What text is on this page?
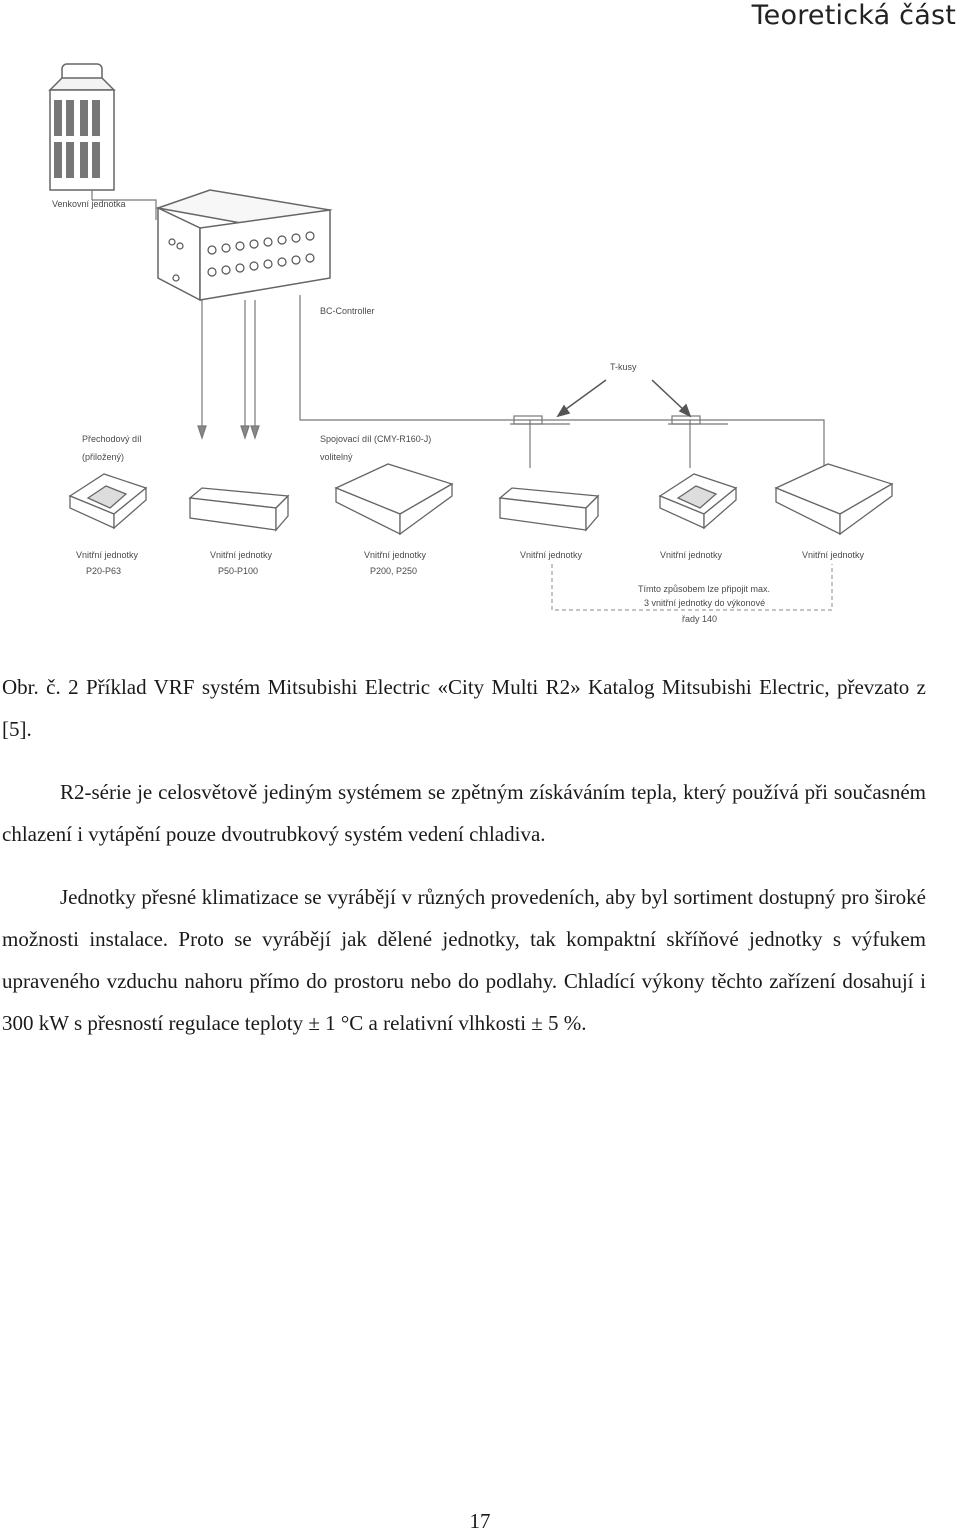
Teoretická část
Venkovní jednotka
BC-Controller
T-kusy
Přechodový díl
(přiložený)
Spojovací díl (CMY-R160-J)
volitelný
Vnitřní jednotky
P20-P63
Vnitřní jednotky
P50-P100
Vnitřní jednotky
P200, P250
Vnitřní jednotky	Vnitřní jednotky	Vnitřní jednotky
Tímto způsobem lze připojit max.
3 vnitřní jednotky do výkonové
řady 140

Obr. č. 2 Příklad VRF systém Mitsubishi Electric «City Multi R2» Katalog Mitsubishi Electric, převzato z [5].

R2-série je celosvětově jediným systémem se zpětným získáváním tepla, který používá při současném chlazení i vytápění pouze dvoutrubkový systém vedení chladiva.

Jednotky přesné klimatizace se vyrábějí v různých provedeních, aby byl sortiment dostupný pro široké možnosti instalace. Proto se vyrábějí jak dělené jednotky, tak kompaktní skříňové jednotky s výfukem upraveného vzduchu nahoru přímo do prostoru nebo do podlahy. Chladící výkony těchto zařízení dosahují i 300 kW s přesností regulace teploty ± 1 °C a relativní vlhkosti ± 5 %.

17
